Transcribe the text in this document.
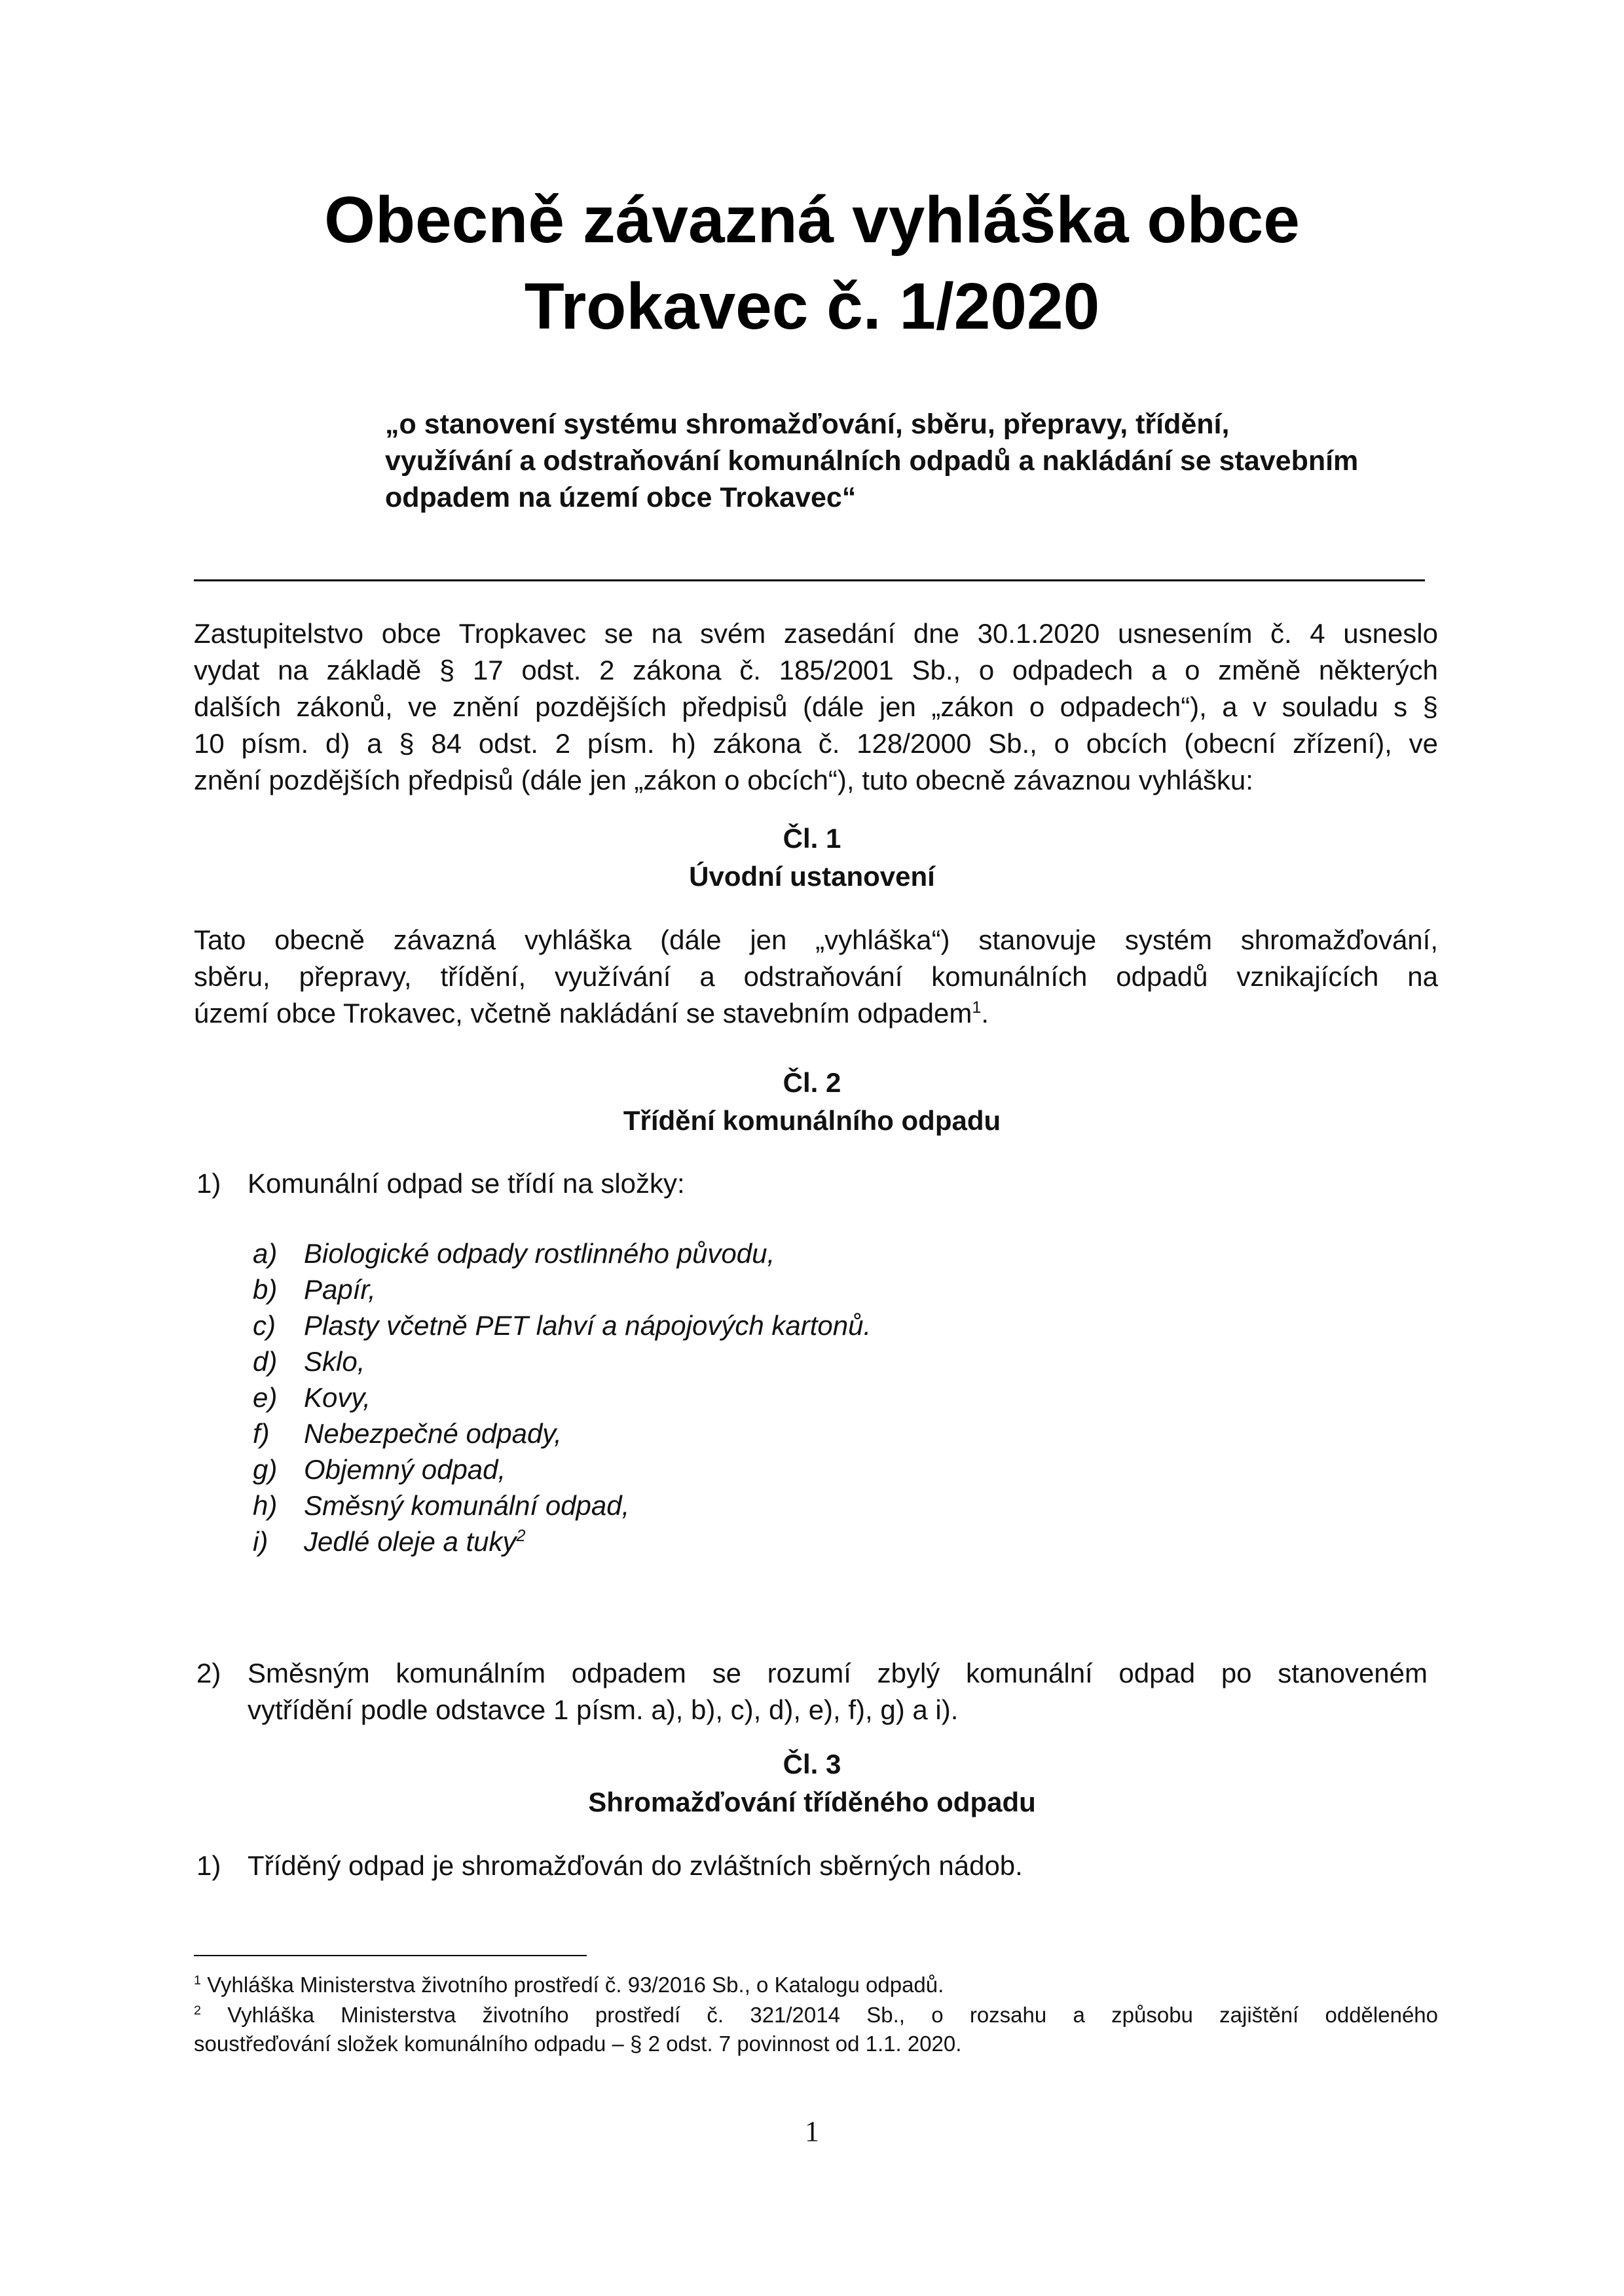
Obecně závazná vyhláška obce
Trokavec č. 1/2020
„o stanovení systému shromažďování, sběru, přepravy, třídění,
využívání a odstraňování komunálních odpadů a nakládání se stavebním
odpadem na území obce Trokavec“
Zastupitelstvo obce Tropkavec se na svém zasedání dne 30.1.2020 usnesením č. 4 usneslo
vydat na základě § 17 odst. 2 zákona č. 185/2001 Sb., o odpadech a o změně některých
dalších zákonů, ve znění pozdějších předpisů (dále jen „zákon o odpadech“), a v souladu s §
10 písm. d) a § 84 odst. 2 písm. h) zákona č. 128/2000 Sb., o obcích (obecní zřízení), ve
znění pozdějších předpisů (dále jen „zákon o obcích“), tuto obecně závaznou vyhlášku:
Čl. 1
Úvodní ustanovení
Tato obecně závazná vyhláška (dále jen „vyhláška“) stanovuje systém shromažďování,
sběru, přepravy, třídění, využívání a odstraňování komunálních odpadů vznikajících na
území obce Trokavec, včetně nakládání se stavebním odpadem$^1$.
Čl. 2
Třídění komunálního odpadu
1) Komunální odpad se třídí na složky:
a) Biologické odpady rostlinného původu,
b) Papír,
c) Plasty včetně PET lahví a nápojových kartonů.
d) Sklo,
e) Kovy,
f) Nebezpečné odpady,
g) Objemný odpad,
h) Směsný komunální odpad,
i) Jedlé oleje a tuky$^2$
2) Směsným komunálním odpadem se rozumí zbylý komunální odpad po stanoveném
vytřídění podle odstavce 1 písm. a), b), c), d), e), f), g) a i).
Čl. 3
Shromažďování tříděného odpadu
1) Tříděný odpad je shromažďován do zvláštních sběrných nádob.
$^1$ Vyhláška Ministerstva životního prostředí č. 93/2016 Sb., o Katalogu odpadů.
$^2$ Vyhláška Ministerstva životního prostředí č. 321/2014 Sb., o rozsahu a způsobu zajištění odděleného
soustřeďování složek komunálního odpadu – § 2 odst. 7 povinnost od 1.1. 2020.
1
